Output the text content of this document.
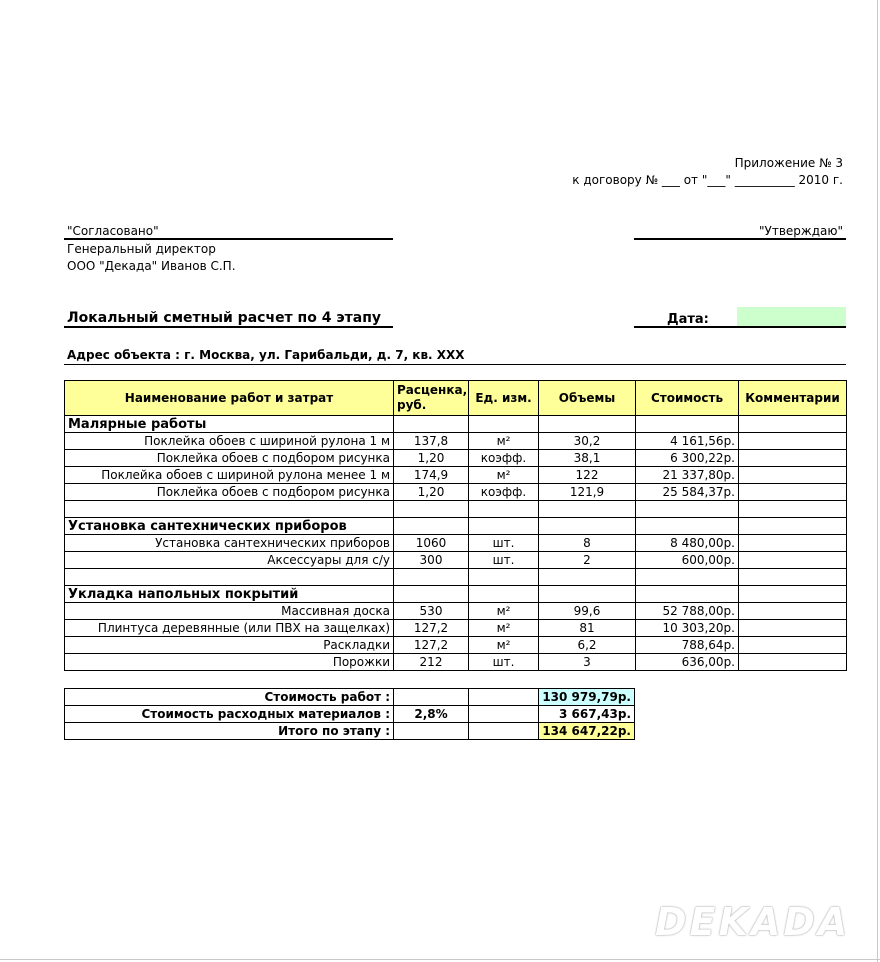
Приложение № 3
к договору № ___ от "___" __________ 2010 г.
"Согласовано"
Генеральный директор
ООО "Декада" Иванов С.П.
"Утверждаю"
Локальный сметный расчет по 4 этапу	Дата:
Адрес объекта : г. Москва, ул. Гарибальди, д. 7, кв. ХХХ
Наименование работ и затрат	Расценка, руб.	Ед. изм.	Объемы	Стоимость	Комментарии
Малярные работы					
Поклейка обоев с шириной рулона 1 м	137,8	м²	30,2	4 161,56р.	
Поклейка обоев с подбором рисунка	1,20	коэфф.	38,1	6 300,22р.	
Поклейка обоев с шириной рулона менее 1 м	174,9	м²	122	21 337,80р.	
Поклейка обоев с подбором рисунка	1,20	коэфф.	121,9	25 584,37р.	

Установка сантехнических приборов					
Установка сантехнических приборов	1060	шт.	8	8 480,00р.	
Аксессуары для с/у	300	шт.	2	600,00р.	

Укладка напольных покрытий					
Массивная доска	530	м²	99,6	52 788,00р.	
Плинтуса деревянные (или ПВХ на защелках)	127,2	м²	81	10 303,20р.	
Раскладки	127,2	м²	6,2	788,64р.	
Порожки	212	шт.	3	636,00р.	
Стоимость работ :			130 979,79р.
Стоимость расходных материалов :	2,8%		3 667,43р.
Итого по этапу :			134 647,22р.
DEKADA
